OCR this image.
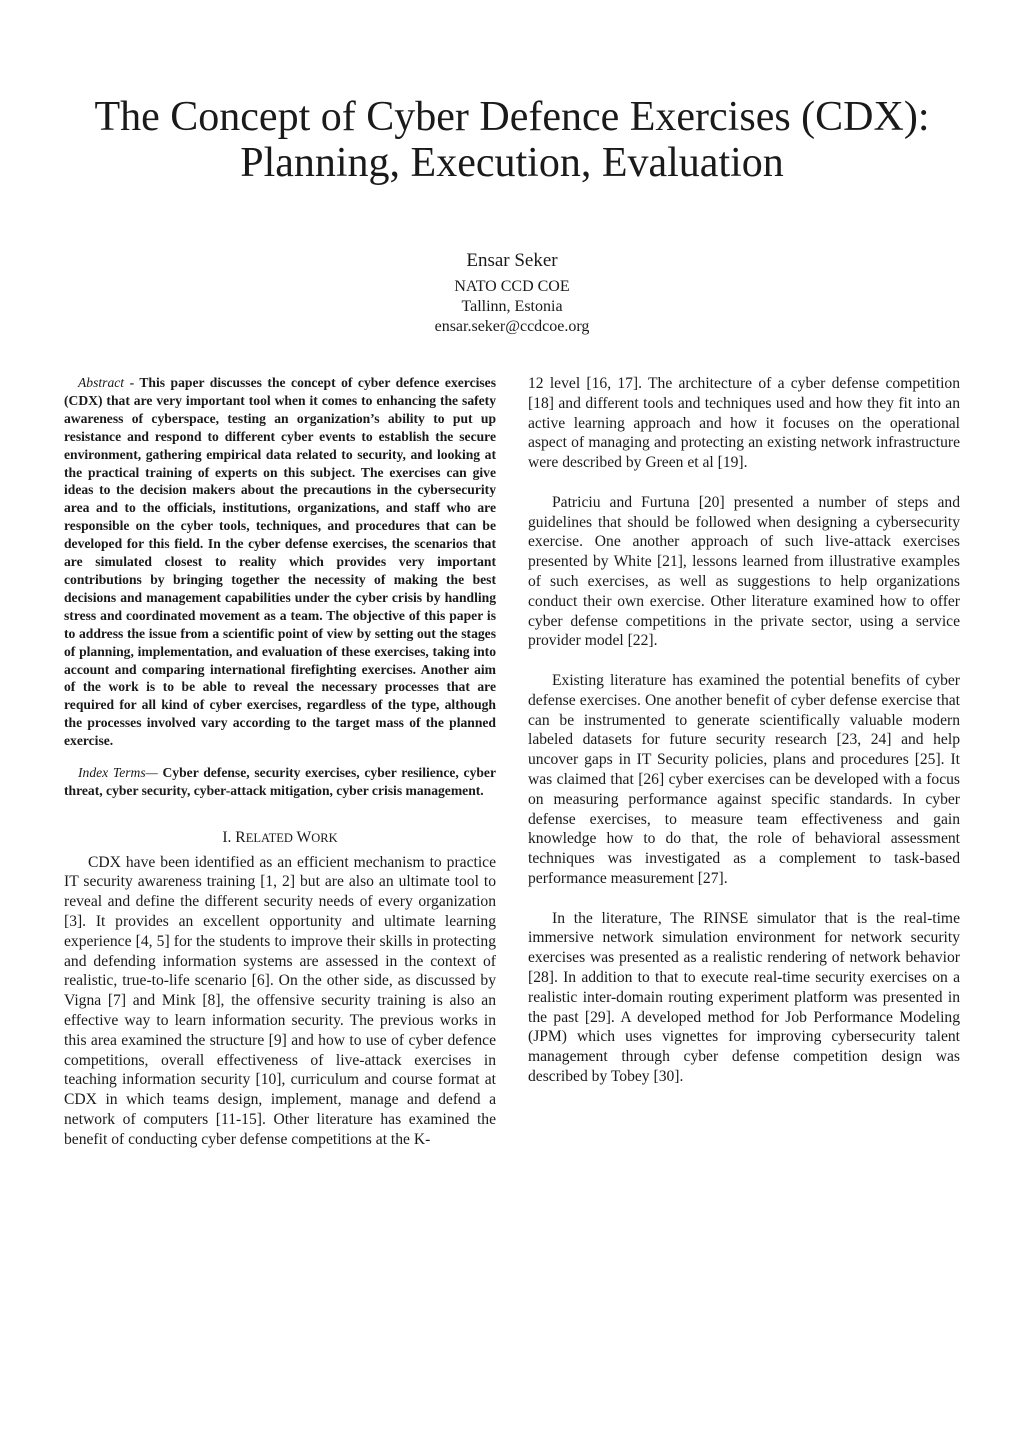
The Concept of Cyber Defence Exercises (CDX):
Planning, Execution, Evaluation
Ensar Seker
NATO CCD COE
Tallinn, Estonia
ensar.seker@ccdcoe.org

Abstract - This paper discusses the concept of cyber defence exercises (CDX) that are very important tool when it comes to enhancing the safety awareness of cyberspace, testing an organization’s ability to put up resistance and respond to different cyber events to establish the secure environment, gathering empirical data related to security, and looking at the practical training of experts on this subject. The exercises can give ideas to the decision makers about the precautions in the cybersecurity area and to the officials, institutions, organizations, and staff who are responsible on the cyber tools, techniques, and procedures that can be developed for this field. In the cyber defense exercises, the scenarios that are simulated closest to reality which provides very important contributions by bringing together the necessity of making the best decisions and management capabilities under the cyber crisis by handling stress and coordinated movement as a team. The objective of this paper is to address the issue from a scientific point of view by setting out the stages of planning, implementation, and evaluation of these exercises, taking into account and comparing international firefighting exercises. Another aim of the work is to be able to reveal the necessary processes that are required for all kind of cyber exercises, regardless of the type, although the processes involved vary according to the target mass of the planned exercise.

Index Terms— Cyber defense, security exercises, cyber resilience, cyber threat, cyber security, cyber-attack mitigation, cyber crisis management.

I. RELATED WORK

CDX have been identified as an efficient mechanism to practice IT security awareness training [1, 2] but are also an ultimate tool to reveal and define the different security needs of every organization [3]. It provides an excellent opportunity and ultimate learning experience [4, 5] for the students to improve their skills in protecting and defending information systems are assessed in the context of realistic, true-to-life scenario [6]. On the other side, as discussed by Vigna [7] and Mink [8], the offensive security training is also an effective way to learn information security. The previous works in this area examined the structure [9] and how to use of cyber defence competitions, overall effectiveness of live-attack exercises in teaching information security [10], curriculum and course format at CDX in which teams design, implement, manage and defend a network of computers [11-15]. Other literature has examined the benefit of conducting cyber defense competitions at the K-

12 level [16, 17]. The architecture of a cyber defense competition [18] and different tools and techniques used and how they fit into an active learning approach and how it focuses on the operational aspect of managing and protecting an existing network infrastructure were described by Green et al [19].

Patriciu and Furtuna [20] presented a number of steps and guidelines that should be followed when designing a cybersecurity exercise. One another approach of such live-attack exercises presented by White [21], lessons learned from illustrative examples of such exercises, as well as suggestions to help organizations conduct their own exercise. Other literature examined how to offer cyber defense competitions in the private sector, using a service provider model [22].

Existing literature has examined the potential benefits of cyber defense exercises. One another benefit of cyber defense exercise that can be instrumented to generate scientifically valuable modern labeled datasets for future security research [23, 24] and help uncover gaps in IT Security policies, plans and procedures [25]. It was claimed that [26] cyber exercises can be developed with a focus on measuring performance against specific standards. In cyber defense exercises, to measure team effectiveness and gain knowledge how to do that, the role of behavioral assessment techniques was investigated as a complement to task-based performance measurement [27].

In the literature, The RINSE simulator that is the real-time immersive network simulation environment for network security exercises was presented as a realistic rendering of network behavior [28]. In addition to that to execute real-time security exercises on a realistic inter-domain routing experiment platform was presented in the past [29]. A developed method for Job Performance Modeling (JPM) which uses vignettes for improving cybersecurity talent management through cyber defense competition design was described by Tobey [30].
